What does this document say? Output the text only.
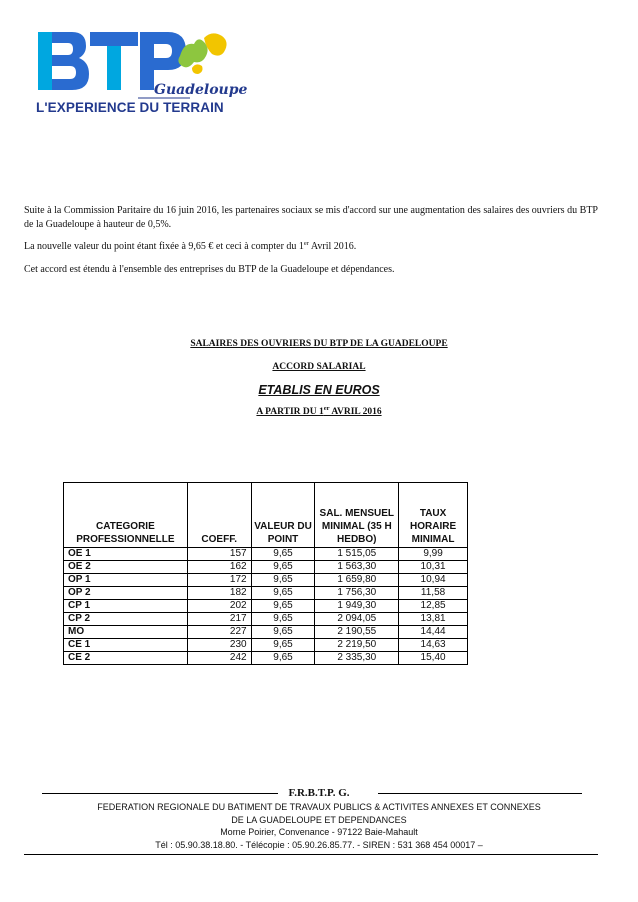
Guadeloupe
L'EXPERIENCE DU TERRAIN

Suite à la Commission Paritaire du 16 juin 2016, les partenaires sociaux se mis d'accord sur une augmentation des salaires des ouvriers du BTP de la Guadeloupe à hauteur de 0,5%.

La nouvelle valeur du point étant fixée à 9,65 € et ceci à compter du 1er Avril 2016.

Cet accord est étendu à l'ensemble des entreprises du BTP de la Guadeloupe et dépendances.

SALAIRES DES OUVRIERS DU BTP DE LA GUADELOUPE
ACCORD SALARIAL
ETABLIS EN EUROS
A PARTIR DU 1er AVRIL 2016
CATEGORIE PROFESSIONNELLE	COEFF.	VALEUR DU POINT	SAL. MENSUEL MINIMAL (35 H HEDBO)	TAUX HORAIRE MINIMAL
OE 1	157	9,65	1 515,05	9,99
OE 2	162	9,65	1 563,30	10,31
OP 1	172	9,65	1 659,80	10,94
OP 2	182	9,65	1 756,30	11,58
CP 1	202	9,65	1 949,30	12,85
CP 2	217	9,65	2 094,05	13,81
MO	227	9,65	2 190,55	14,44
CE 1	230	9,65	2 219,50	14,63
CE 2	242	9,65	2 335,30	15,40
F.R.B.T.P. G.
FEDERATION REGIONALE DU BATIMENT DE TRAVAUX PUBLICS & ACTIVITES ANNEXES ET CONNEXES
DE LA GUADELOUPE ET DEPENDANCES
Morne Poirier, Convenance - 97122 Baie-Mahault
Tél : 05.90.38.18.80. - Télécopie : 05.90.26.85.77. - SIREN : 531 368 454 00017 –
